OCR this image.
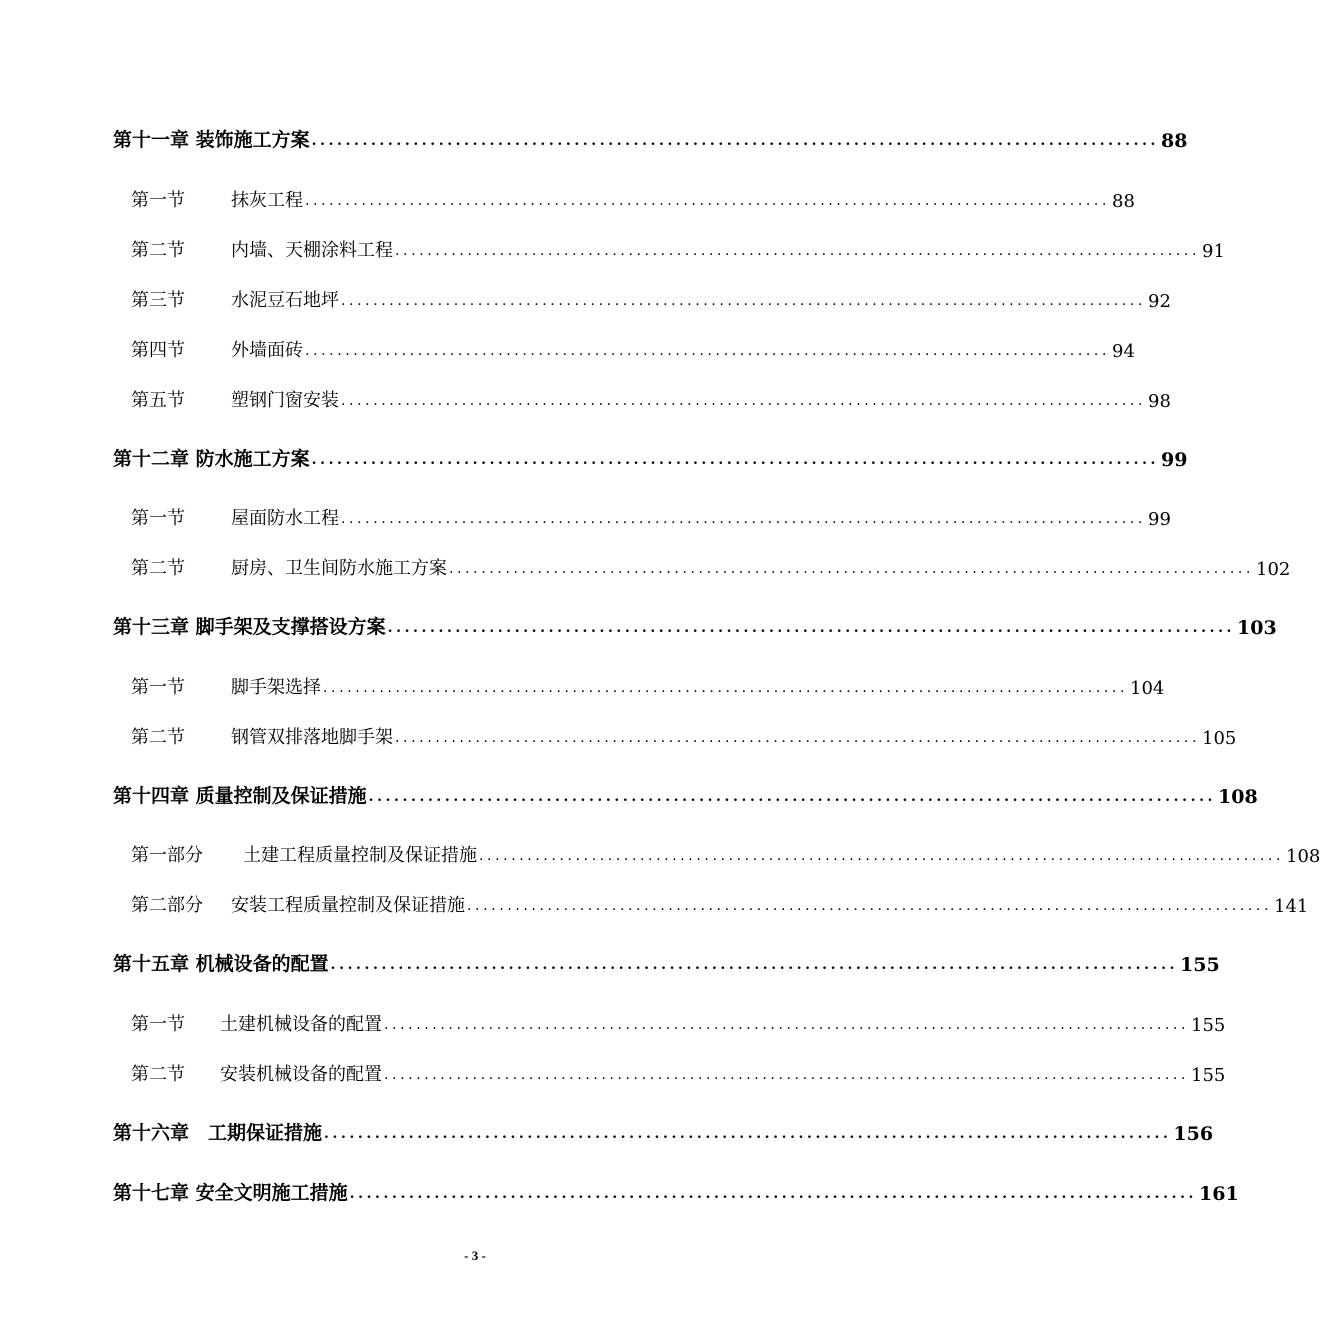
第十一章 装饰施工方案 .................................................................................................... 88
第一节	抹灰工程 .................................................................................................... 88
第二节	内墙、天棚涂料工程 .................................................................................................... 91
第三节	水泥豆石地坪 .................................................................................................... 92
第四节	外墙面砖 .................................................................................................... 94
第五节	塑钢门窗安装 .................................................................................................... 98
第十二章 防水施工方案 .................................................................................................... 99
第一节	屋面防水工程 .................................................................................................... 99
第二节	厨房、卫生间防水施工方案 .................................................................................................... 102
第十三章 脚手架及支撑搭设方案 .................................................................................................... 103
第一节	脚手架选择 .................................................................................................... 104
第二节	钢管双排落地脚手架 .................................................................................................... 105
第十四章 质量控制及保证措施 .................................................................................................... 108
第一部分 土建工程质量控制及保证措施 .................................................................................................... 108
第二部分 安装工程质量控制及保证措施 .................................................................................................... 141
第十五章 机械设备的配置 .................................................................................................... 155
第一节 土建机械设备的配置 .................................................................................................... 155
第二节 安装机械设备的配置 .................................................................................................... 155
第十六章　工期保证措施 .................................................................................................... 156
第十七章 安全文明施工措施 .................................................................................................... 161
- 3 -
